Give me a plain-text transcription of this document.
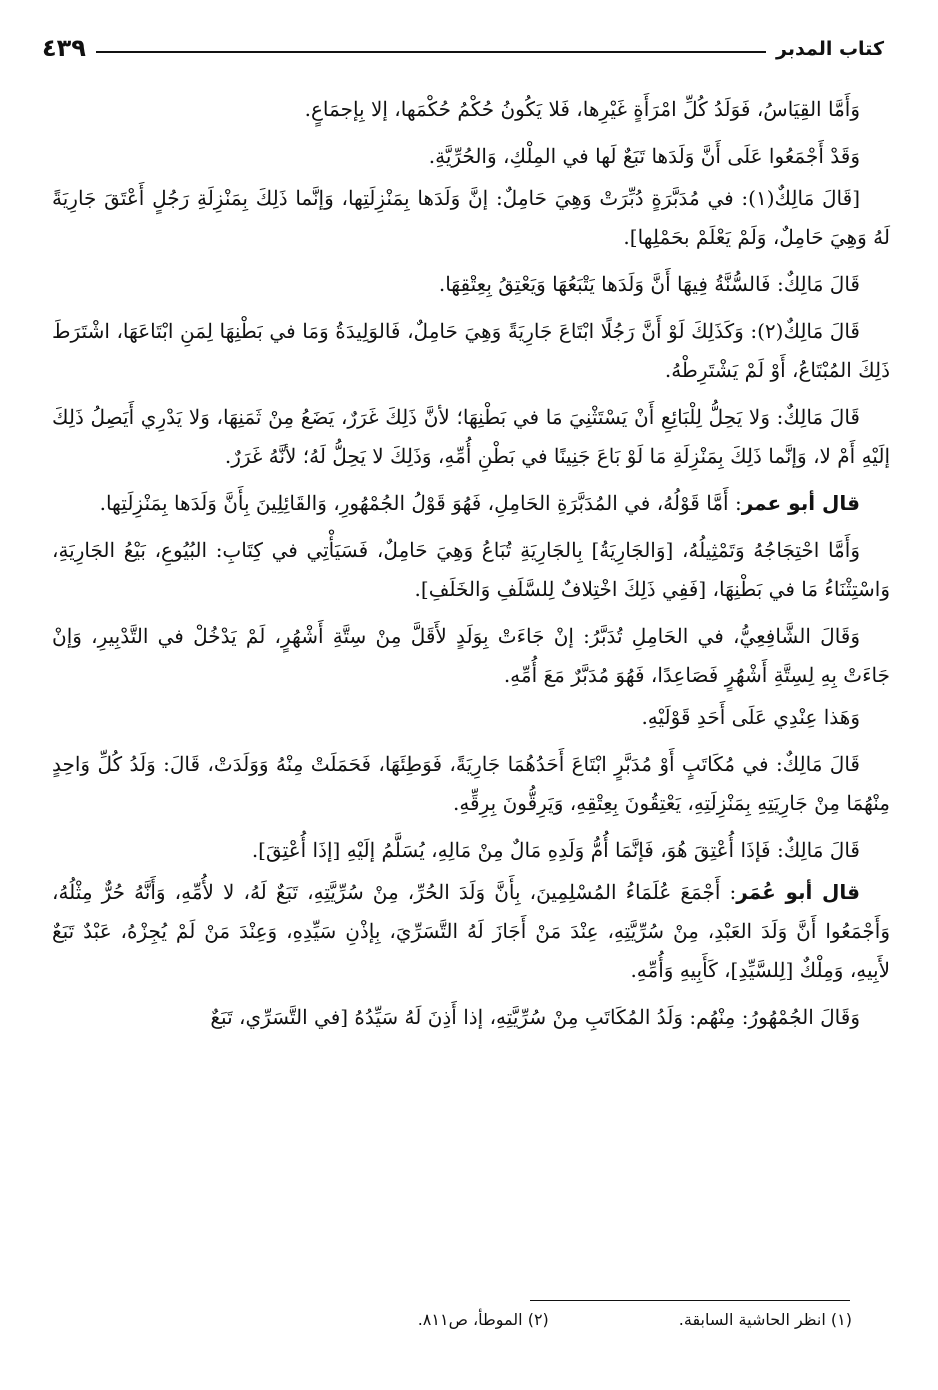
كتاب المدبر
٤٣٩

وَأَمَّا القِيَاسُ، فَوَلَدُ كُلِّ امْرَأَةٍ غَيْرِها، فَلا يَكُونُ حُكْمُ حُكْمَها، إلا بِإجمَاعٍ.

وَقَدْ أَجْمَعُوا عَلَى أَنَّ وَلَدَها تَبَعٌ لَها في المِلْكِ، وَالحُرِّيَّةِ.

[قَالَ مَالِكٌ(١): في مُدَبَّرَةٍ دُبِّرَتْ وَهِيَ حَامِلٌ: إنَّ وَلَدَها بِمَنْزِلَتِها، وَإنَّما ذَلِكَ بِمَنْزِلَةِ رَجُلٍ أَعْتَقَ جَارِيَةً لَهُ وَهِيَ حَامِلٌ، وَلَمْ يَعْلَمْ بحَمْلِها].

قَالَ مَالِكٌ: فَالسُّنَّةُ فِيهَا أَنَّ وَلَدَها يَتْبَعُهَا وَيَعْتِقُ بِعِتْقِهَا.

قَالَ مَالِكٌ(٢): وَكَذَلِكَ لَوْ أَنَّ رَجُلًا ابْتَاعَ جَارِيَةً وَهِيَ حَامِلٌ، فَالوَلِيدَةُ وَمَا في بَطْنِهَا لِمَنِ ابْتَاعَهَا، اشْتَرَطَ ذَلِكَ المُبْتَاعُ، أَوْ لَمْ يَشْتَرِطْهُ.

قَالَ مَالِكٌ: وَلا يَحِلُّ لِلْبَائِعِ أَنْ يَسْتَثْنِيَ مَا في بَطْنِهَا؛ لأنَّ ذَلِكَ غَرَرٌ، يَضَعُ مِنْ ثَمَنِهَا، وَلا يَدْرِي أَيَصِلُ ذَلِكَ إلَيْهِ أَمْ لا، وَإنَّما ذَلِكَ بِمَنْزِلَةِ مَا لَوْ بَاعَ جَنِينًا في بَطْنِ أُمِّهِ، وَذَلِكَ لا يَحِلُّ لَهُ؛ لأنَّهُ غَرَرٌ.

قال أبو عمر: أَمَّا قَوْلُهُ، في المُدَبَّرَةِ الحَامِلِ، فَهُوَ قَوْلُ الجُمْهُورِ، وَالقَائِلِينَ بِأَنَّ وَلَدَها بِمَنْزِلَتِها.

وَأَمَّا احْتِجَاجُهُ وَتَمْثِيلُهُ، [وَالجَارِيَةُ] بِالجَارِيَةِ تُبَاعُ وَهِيَ حَامِلٌ، فَسَيَأْتِي في كِتَابِ: البُيُوعِ، بَيْعُ الجَارِيَةِ، وَاسْتِثْنَاءُ مَا في بَطْنِهَا، [فَفِي ذَلِكَ اخْتِلافٌ لِلسَّلَفِ وَالخَلَفِ].

وَقَالَ الشَّافِعِيُّ، في الحَامِلِ تُدَبَّرُ: إنْ جَاءَتْ بِوَلَدٍ لأَقَلَّ مِنْ سِتَّةِ أَشْهُرٍ، لَمْ يَدْخُلْ في التَّدْبِيرِ، وَإنْ جَاءَتْ بِهِ لِسِتَّةِ أَشْهُرٍ فَصَاعِدًا، فَهُوَ مُدَبَّرٌ مَعَ أُمِّهِ.

وَهَذا عِنْدِي عَلَى أَحَدِ قَوْلَيْهِ.

قَالَ مَالِكٌ: في مُكَاتَبٍ أَوْ مُدَبَّرٍ ابْتَاعَ أَحَدُهُمَا جَارِيَةً، فَوَطِئَهَا، فَحَمَلَتْ مِنْهُ وَوَلَدَتْ، قَالَ: وَلَدُ كُلِّ وَاحِدٍ مِنْهُمَا مِنْ جَارِيَتِهِ بِمَنْزِلَتِهِ، يَعْتِقُونَ بِعِتْقِهِ، وَيَرِقُّونَ بِرِقِّهِ.

قَالَ مَالِكٌ: فَإذَا أُعْتِقَ هُوَ، فَإنَّمَا أُمُّ وَلَدِهِ مَالٌ مِنْ مَالِهِ، يُسَلَّمُ إلَيْهِ [إذَا أُعْتِقَ].

قال أبو عُمَر: أَجْمَعَ عُلَمَاءُ المُسْلِمِينَ، بِأَنَّ وَلَدَ الحُرِّ، مِنْ سُرِّيَّتِهِ، تَبَعٌ لَهُ، لا لأُمِّهِ، وَأَنَّهُ حُرٌّ مِثْلُهُ، وَأَجْمَعُوا أَنَّ وَلَدَ العَبْدِ، مِنْ سُرِّيَّتِهِ، عِنْدَ مَنْ أَجَازَ لَهُ التَّسَرِّيَ، بِإذْنِ سَيِّدِهِ، وَعِنْدَ مَنْ لَمْ يُجِزْهُ، عَبْدٌ تَبَعٌ لأَبِيهِ، وَمِلْكٌ [لِلسَّيِّدِ]، كَأَبِيهِ وَأُمِّهِ.

وَقَالَ الجُمْهُورُ: مِنْهُم: وَلَدُ المُكَاتَبِ مِنْ سُرِّيَّتِهِ، إذا أَذِنَ لَهُ سَيِّدُهُ [في التَّسَرِّي، تَبَعٌ

(١) انظر الحاشية السابقة.
(٢) الموطأ، ص٨١١.
